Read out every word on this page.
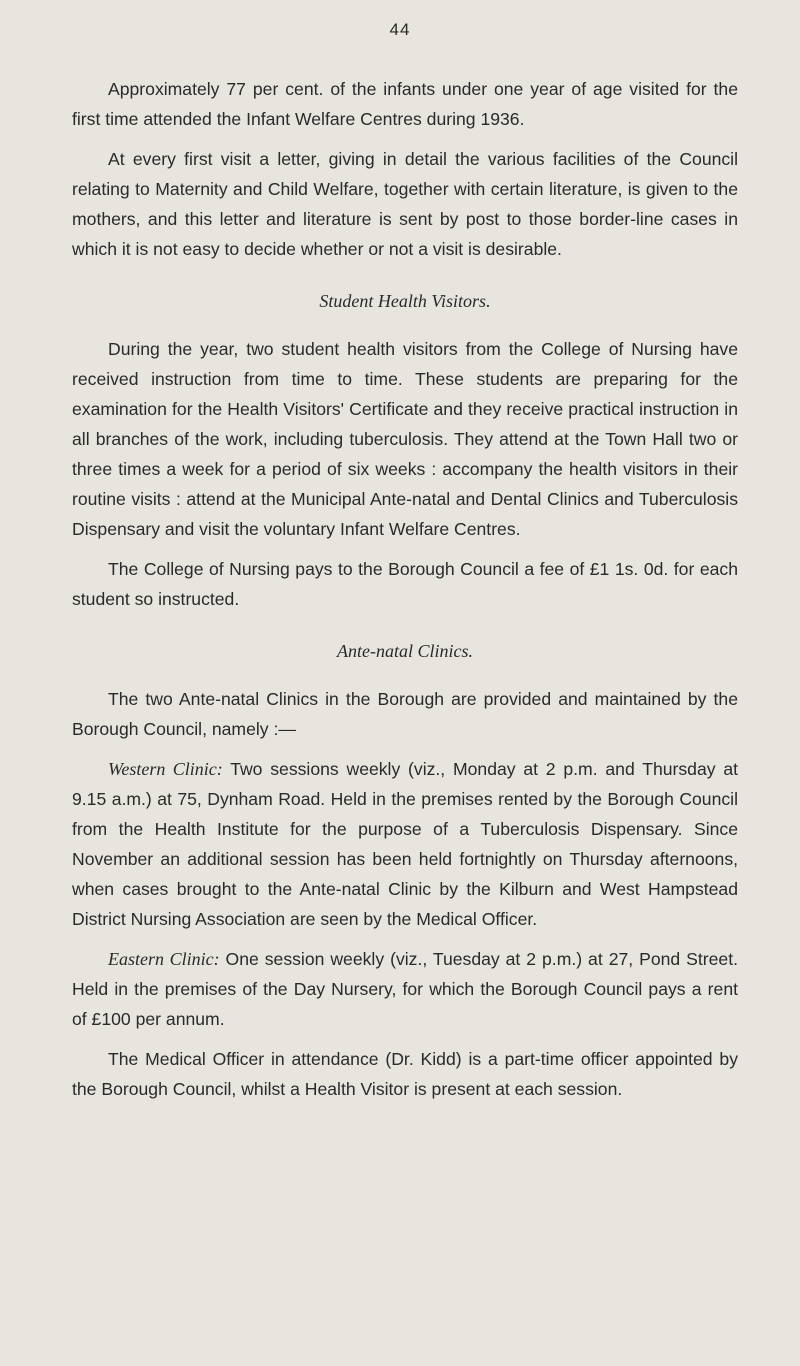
44

Approximately 77 per cent. of the infants under one year of age visited for the first time attended the Infant Welfare Centres during 1936.

At every first visit a letter, giving in detail the various facilities of the Council relating to Maternity and Child Welfare, together with certain literature, is given to the mothers, and this letter and literature is sent by post to those border-line cases in which it is not easy to decide whether or not a visit is desirable.

Student Health Visitors.

During the year, two student health visitors from the College of Nursing have received instruction from time to time. These students are preparing for the examination for the Health Visitors' Certificate and they receive practical instruction in all branches of the work, including tuberculosis. They attend at the Town Hall two or three times a week for a period of six weeks : accompany the health visitors in their routine visits : attend at the Municipal Ante-natal and Dental Clinics and Tuberculosis Dispensary and visit the voluntary Infant Welfare Centres.

The College of Nursing pays to the Borough Council a fee of £1 1s. 0d. for each student so instructed.

Ante-natal Clinics.

The two Ante-natal Clinics in the Borough are provided and maintained by the Borough Council, namely :—

Western Clinic: Two sessions weekly (viz., Monday at 2 p.m. and Thursday at 9.15 a.m.) at 75, Dynham Road. Held in the premises rented by the Borough Council from the Health Institute for the purpose of a Tuberculosis Dispensary. Since November an additional session has been held fortnightly on Thursday afternoons, when cases brought to the Ante-natal Clinic by the Kilburn and West Hampstead District Nursing Association are seen by the Medical Officer.

Eastern Clinic: One session weekly (viz., Tuesday at 2 p.m.) at 27, Pond Street. Held in the premises of the Day Nursery, for which the Borough Council pays a rent of £100 per annum.

The Medical Officer in attendance (Dr. Kidd) is a part-time officer appointed by the Borough Council, whilst a Health Visitor is present at each session.
